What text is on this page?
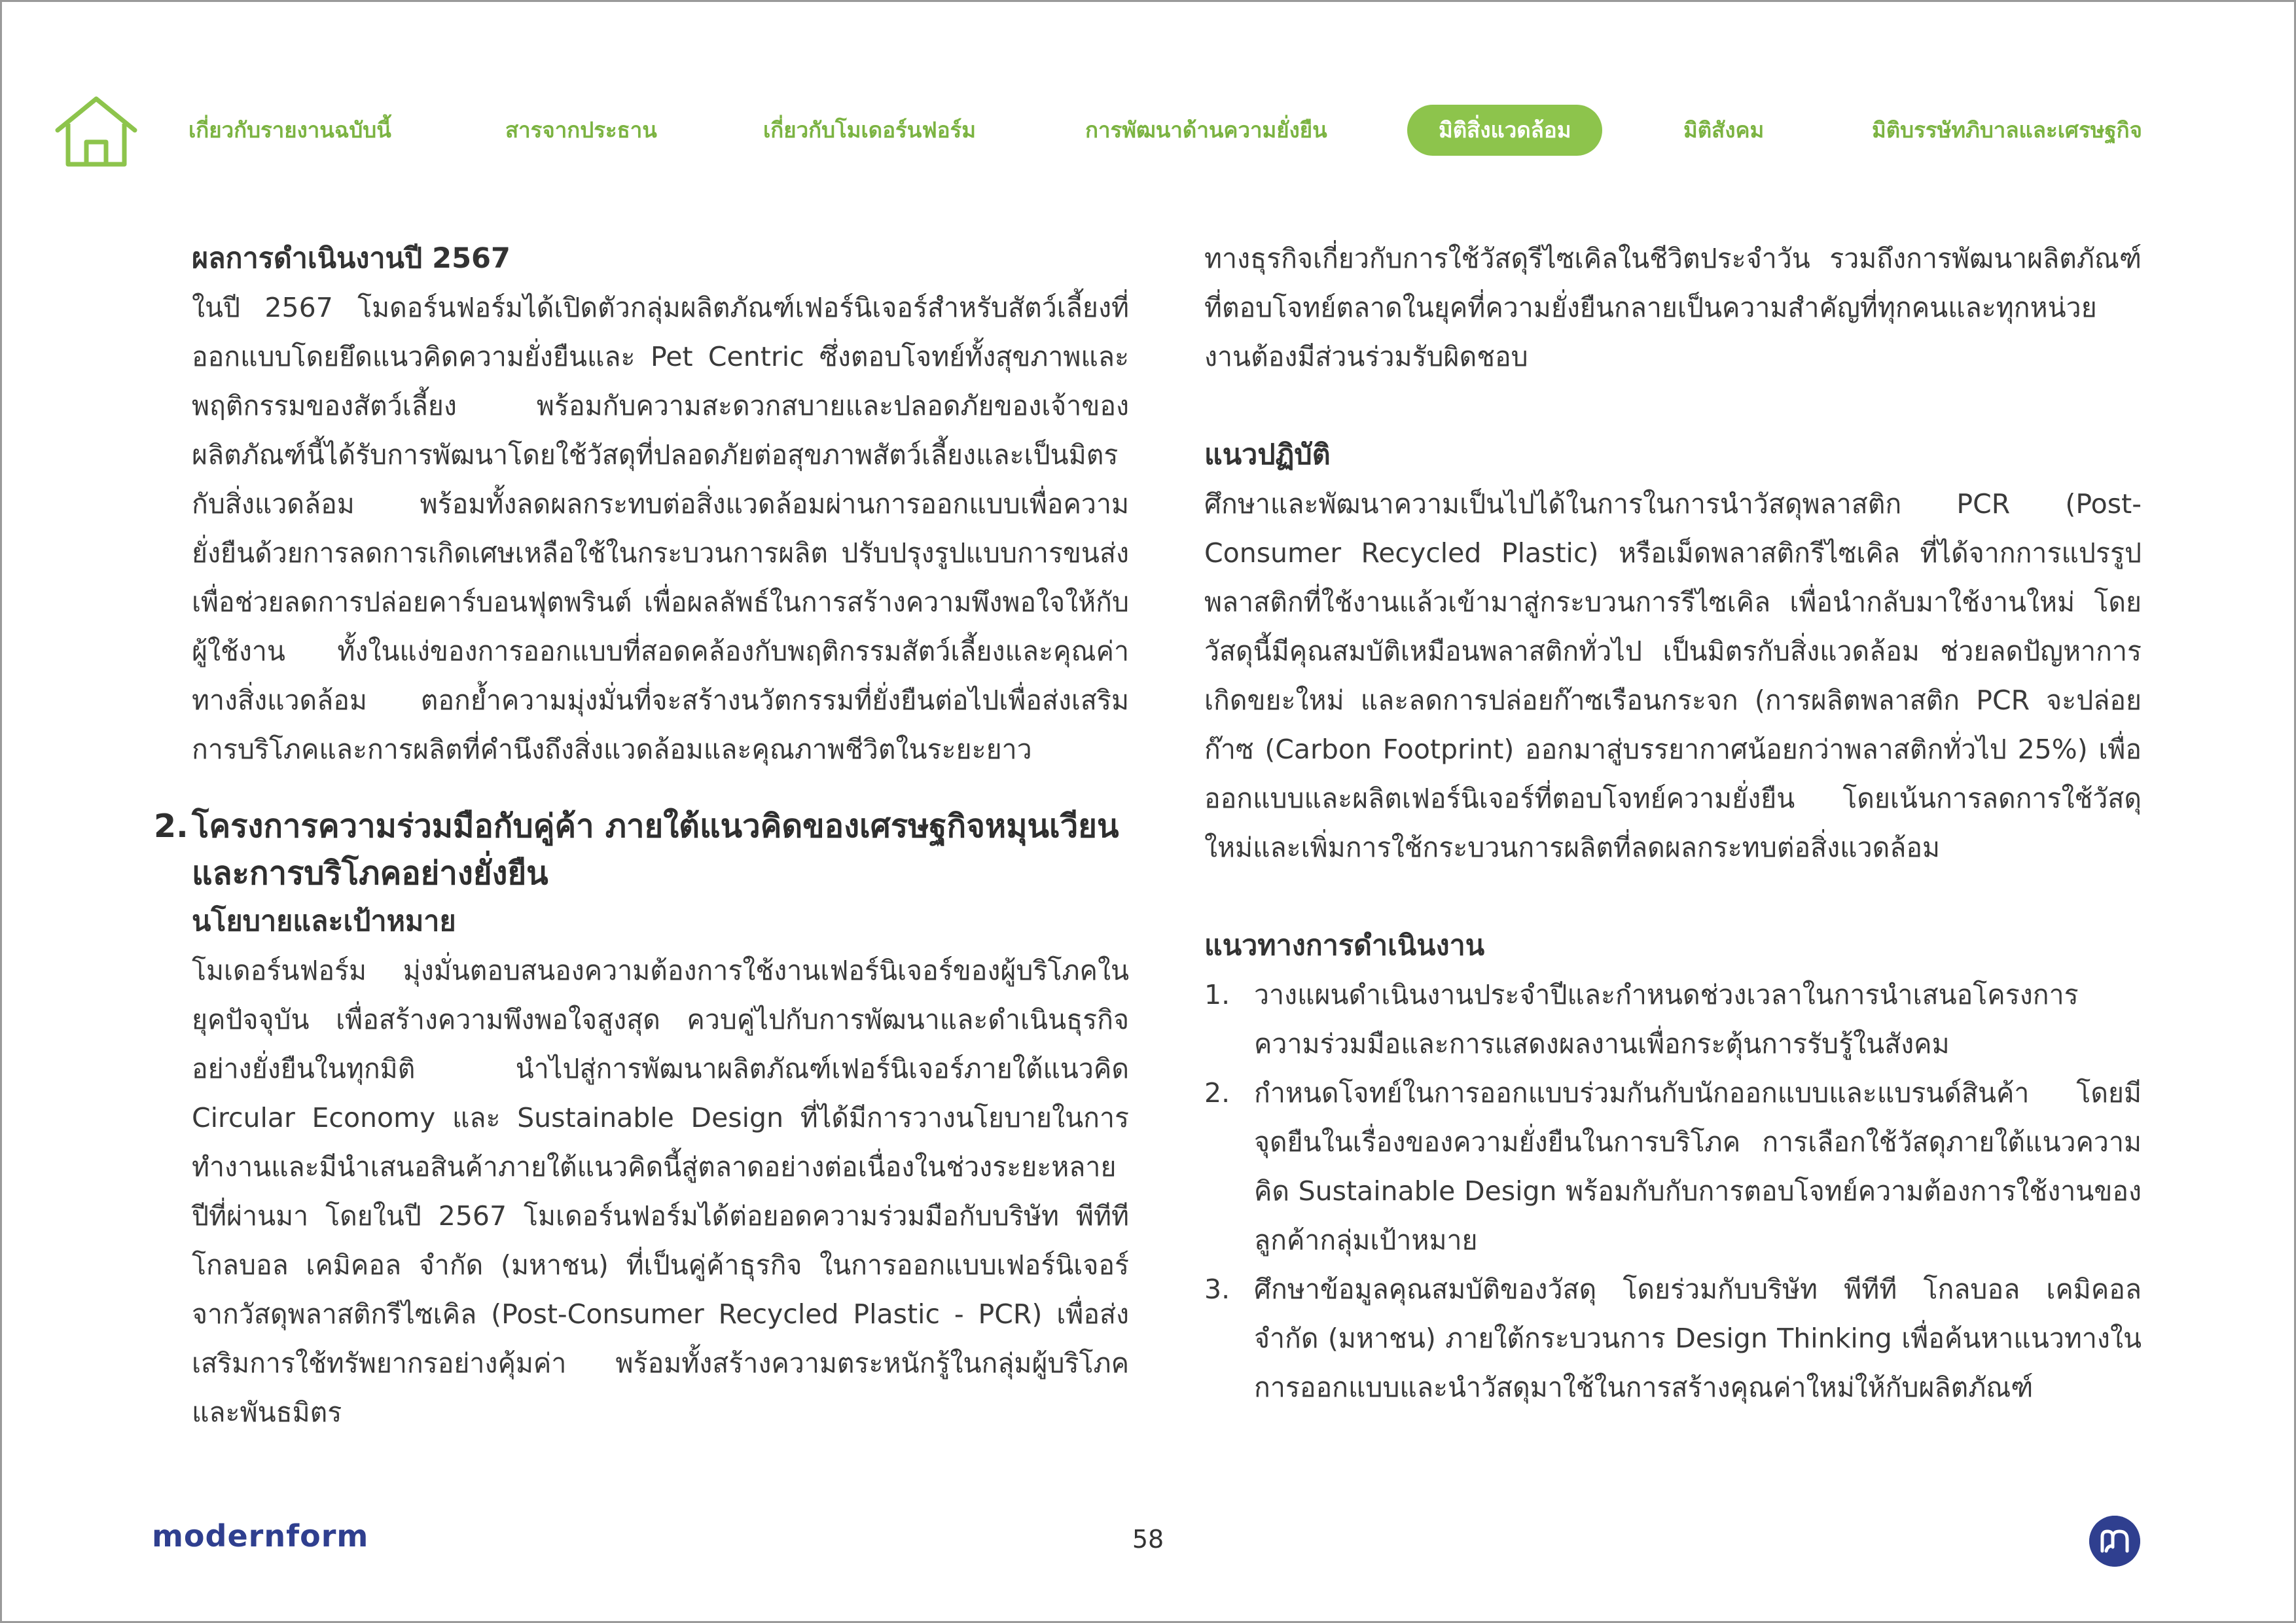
เกี่ยวกับรายงานฉบับนี้	สารจากประธาน	เกี่ยวกับโมเดอร์นฟอร์ม	การพัฒนาด้านความยั่งยืน	มิติสิ่งแวดล้อม	มิติสังคม	มิติบรรษัทภิบาลและเศรษฐกิจ
ผลการดำเนินงานปี 2567

ในปี 2567 โมดอร์นฟอร์มได้เปิดตัวกลุ่มผลิตภัณฑ์เฟอร์นิเจอร์สำหรับสัตว์เลี้ยงที่ออกแบบโดยยึดแนวคิดความยั่งยืนและ Pet Centric ซึ่งตอบโจทย์ทั้งสุขภาพและพฤติกรรมของสัตว์เลี้ยง พร้อมกับความสะดวกสบายและปลอดภัยของเจ้าของ ผลิตภัณฑ์นี้ได้รับการพัฒนาโดยใช้วัสดุที่ปลอดภัยต่อสุขภาพสัตว์เลี้ยงและเป็นมิตรกับสิ่งแวดล้อม พร้อมทั้งลดผลกระทบต่อสิ่งแวดล้อมผ่านการออกแบบเพื่อความยั่งยืนด้วยการลดการเกิดเศษเหลือใช้ในกระบวนการผลิต ปรับปรุงรูปแบบการขนส่งเพื่อช่วยลดการปล่อยคาร์บอนฟุตพรินต์ เพื่อผลลัพธ์ในการสร้างความพึงพอใจให้กับผู้ใช้งาน ทั้งในแง่ของการออกแบบที่สอดคล้องกับพฤติกรรมสัตว์เลี้ยงและคุณค่าทางสิ่งแวดล้อม ตอกย้ำความมุ่งมั่นที่จะสร้างนวัตกรรมที่ยั่งยืนต่อไปเพื่อส่งเสริมการบริโภคและการผลิตที่คำนึงถึงสิ่งแวดล้อมและคุณภาพชีวิตในระยะยาว

2. โครงการความร่วมมือกับคู่ค้า ภายใต้แนวคิดของเศรษฐกิจหมุนเวียนและการบริโภคอย่างยั่งยืน
นโยบายและเป้าหมาย

โมเดอร์นฟอร์ม มุ่งมั่นตอบสนองความต้องการใช้งานเฟอร์นิเจอร์ของผู้บริโภคในยุคปัจจุบัน เพื่อสร้างความพึงพอใจสูงสุด ควบคู่ไปกับการพัฒนาและดำเนินธุรกิจอย่างยั่งยืนในทุกมิติ นำไปสู่การพัฒนาผลิตภัณฑ์เฟอร์นิเจอร์ภายใต้แนวคิด Circular Economy และ Sustainable Design ที่ได้มีการวางนโยบายในการทำงานและมีนำเสนอสินค้าภายใต้แนวคิดนี้สู่ตลาดอย่างต่อเนื่องในช่วงระยะหลายปีที่ผ่านมา โดยในปี 2567 โมเดอร์นฟอร์มได้ต่อยอดความร่วมมือกับบริษัท พีทีที โกลบอล เคมิคอล จำกัด (มหาชน) ที่เป็นคู่ค้าธุรกิจ ในการออกแบบเฟอร์นิเจอร์จากวัสดุพลาสติกรีไซเคิล (Post-Consumer Recycled Plastic - PCR) เพื่อส่งเสริมการใช้ทรัพยากรอย่างคุ้มค่า พร้อมทั้งสร้างความตระหนักรู้ในกลุ่มผู้บริโภคและพันธมิตร

ทางธุรกิจเกี่ยวกับการใช้วัสดุรีไซเคิลในชีวิตประจำวัน รวมถึงการพัฒนาผลิตภัณฑ์ที่ตอบโจทย์ตลาดในยุคที่ความยั่งยืนกลายเป็นความสำคัญที่ทุกคนและทุกหน่วยงานต้องมีส่วนร่วมรับผิดชอบ

แนวปฏิบัติ

ศึกษาและพัฒนาความเป็นไปได้ในการในการนำวัสดุพลาสติก PCR (Post-Consumer Recycled Plastic) หรือเม็ดพลาสติกรีไซเคิล ที่ได้จากการแปรรูปพลาสติกที่ใช้งานแล้วเข้ามาสู่กระบวนการรีไซเคิล เพื่อนำกลับมาใช้งานใหม่ โดยวัสดุนี้มีคุณสมบัติเหมือนพลาสติกทั่วไป เป็นมิตรกับสิ่งแวดล้อม ช่วยลดปัญหาการเกิดขยะใหม่ และลดการปล่อยก๊าซเรือนกระจก (การผลิตพลาสติก PCR จะปล่อยก๊าซ (Carbon Footprint) ออกมาสู่บรรยากาศน้อยกว่าพลาสติกทั่วไป 25%) เพื่อออกแบบและผลิตเฟอร์นิเจอร์ที่ตอบโจทย์ความยั่งยืน โดยเน้นการลดการใช้วัสดุใหม่และเพิ่มการใช้กระบวนการผลิตที่ลดผลกระทบต่อสิ่งแวดล้อม

แนวทางการดำเนินงาน
1. วางแผนดำเนินงานประจำปีและกำหนดช่วงเวลาในการนำเสนอโครงการความร่วมมือและการแสดงผลงานเพื่อกระตุ้นการรับรู้ในสังคม
2. กำหนดโจทย์ในการออกแบบร่วมกันกับนักออกแบบและแบรนด์สินค้า โดยมีจุดยืนในเรื่องของความยั่งยืนในการบริโภค การเลือกใช้วัสดุภายใต้แนวความคิด Sustainable Design พร้อมกับกับการตอบโจทย์ความต้องการใช้งานของลูกค้ากลุ่มเป้าหมาย
3. ศึกษาข้อมูลคุณสมบัติของวัสดุ โดยร่วมกับบริษัท พีทีที โกลบอล เคมิคอล จำกัด (มหาชน) ภายใต้กระบวนการ Design Thinking เพื่อค้นหาแนวทางในการออกแบบและนำวัสดุมาใช้ในการสร้างคุณค่าใหม่ให้กับผลิตภัณฑ์
modernform	58
